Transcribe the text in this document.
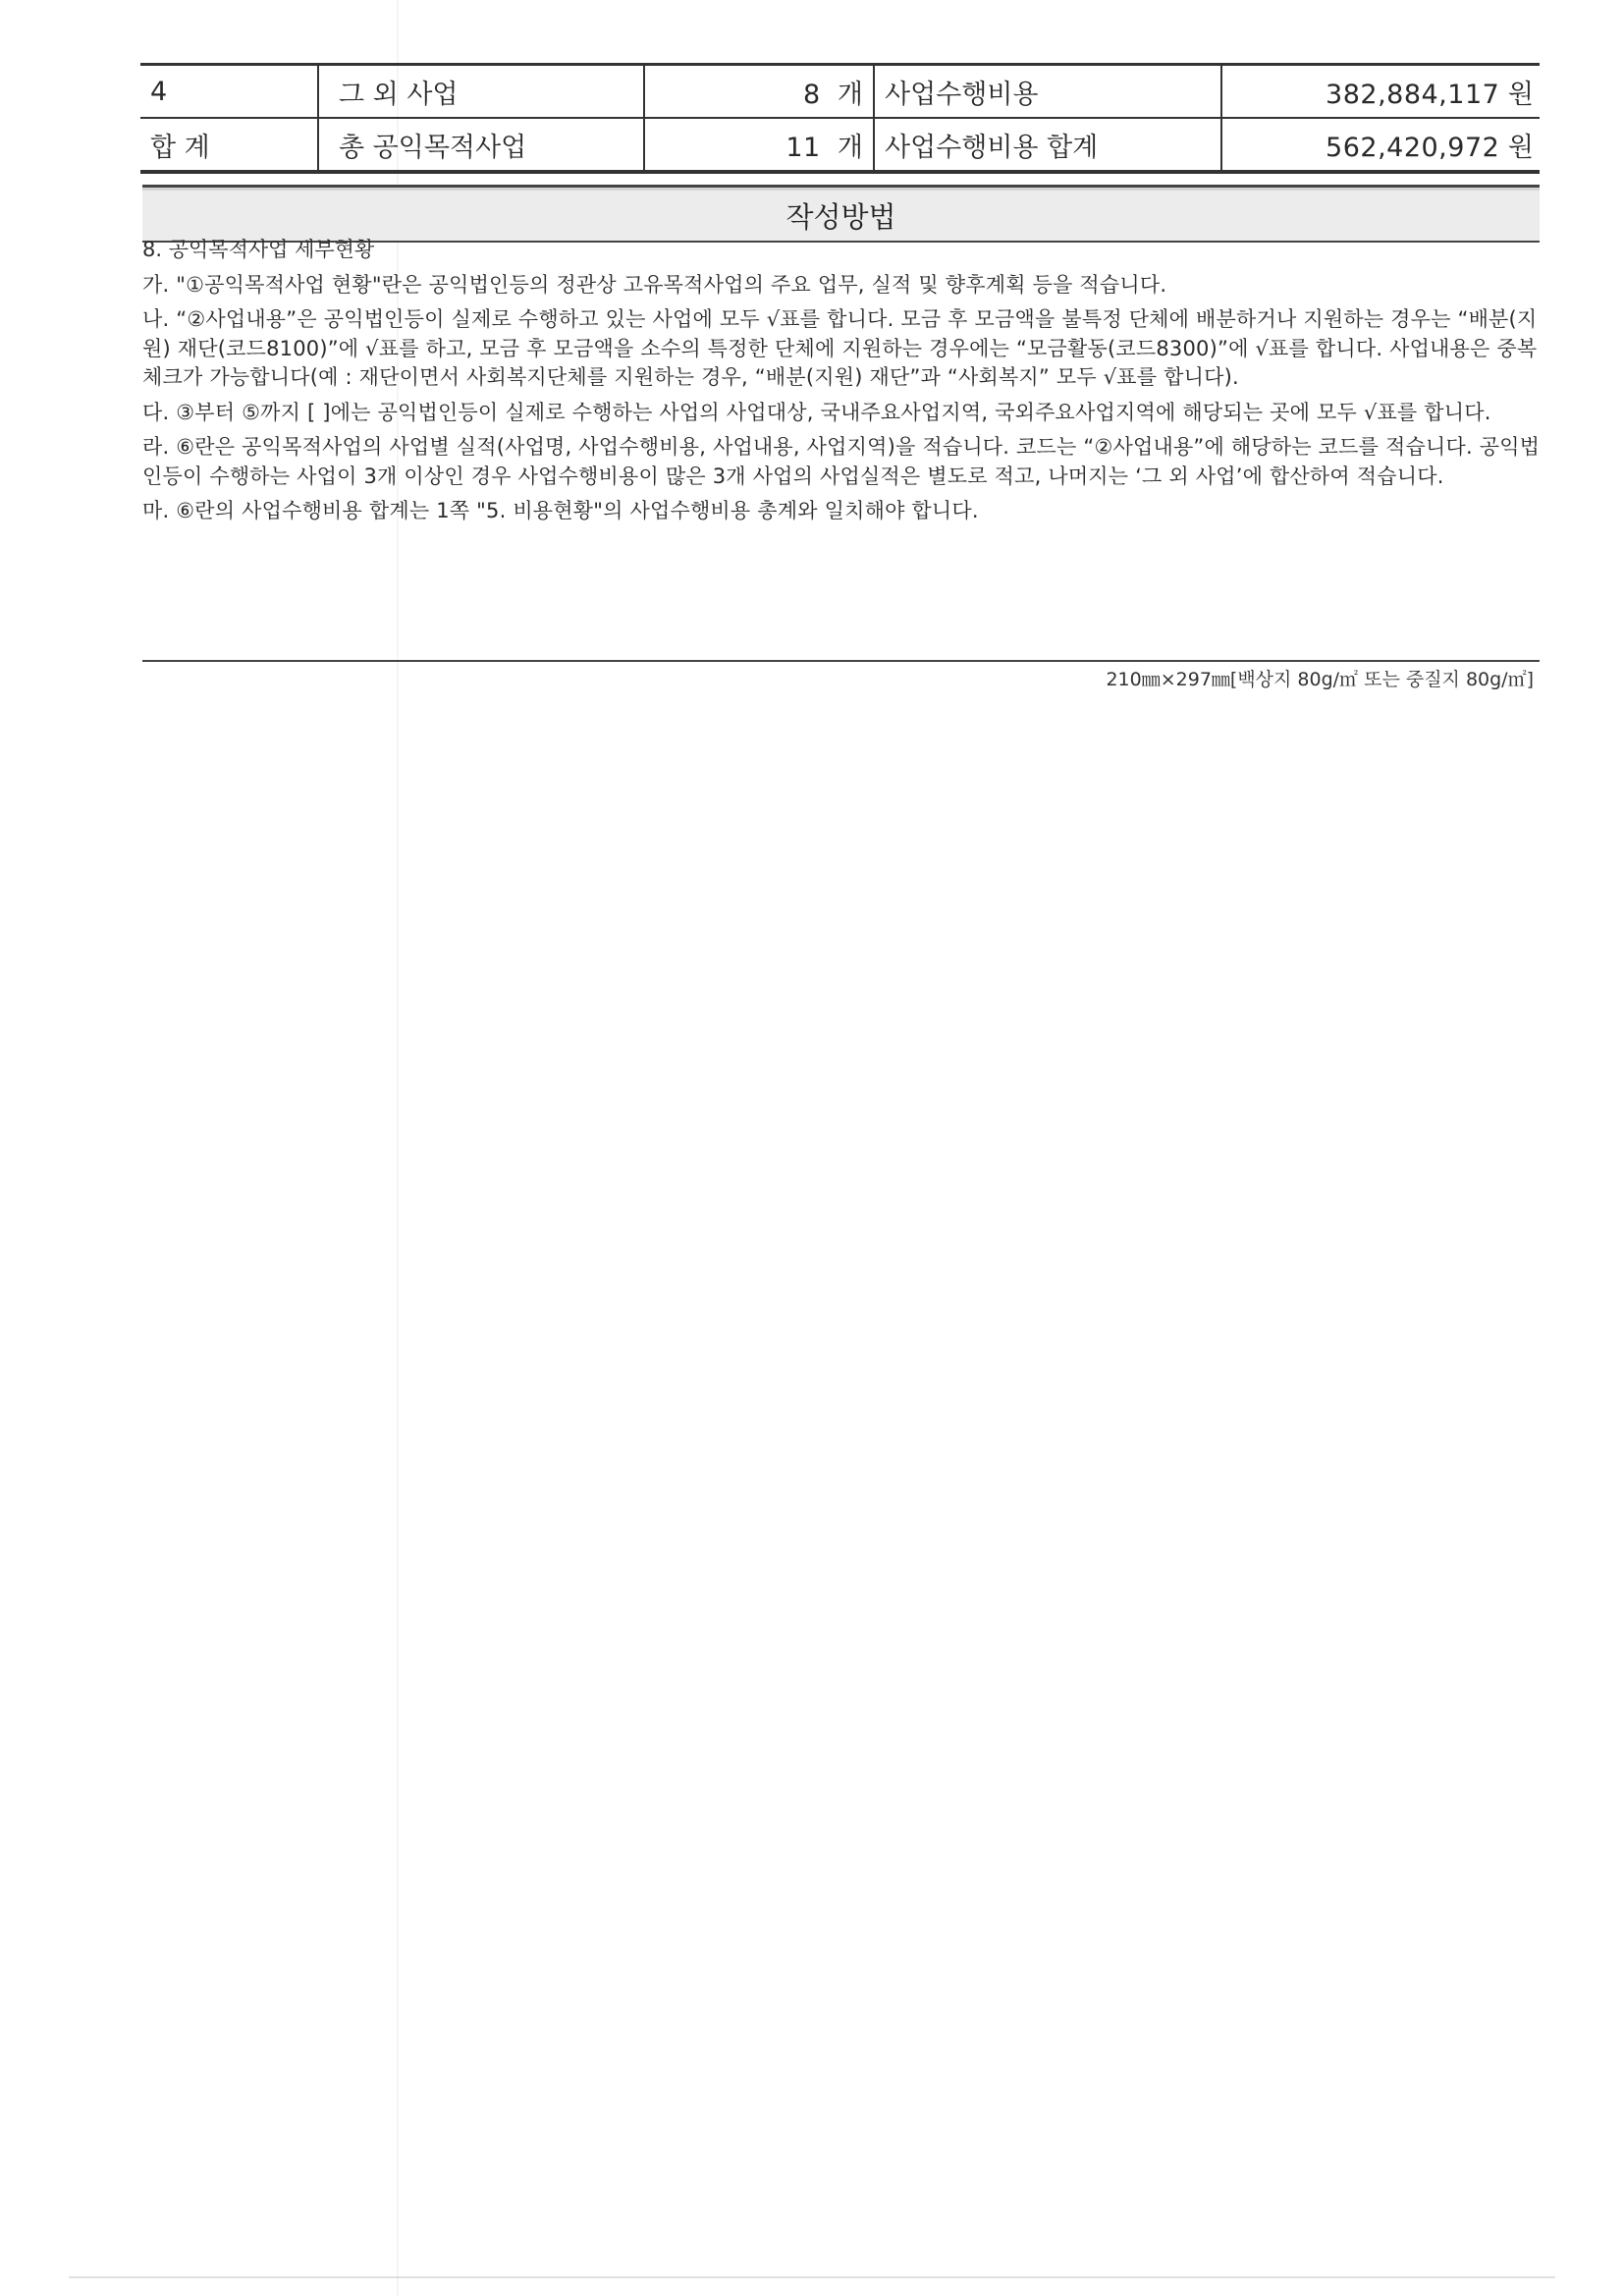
4	그 외 사업	8 개	사업수행비용	382,884,117 원
합 계	총 공익목적사업	11 개	사업수행비용 합계	562,420,972 원
작성방법

8. 공익목적사업 세부현황

가. "①공익목적사업 현황"란은 공익법인등의 정관상 고유목적사업의 주요 업무, 실적 및 향후계획 등을 적습니다.

나. “②사업내용”은 공익법인등이 실제로 수행하고 있는 사업에 모두 √표를 합니다. 모금 후 모금액을 불특정 단체에 배분하거나 지원하는 경우는 “배분(지원) 재단(코드8100)”에 √표를 하고, 모금 후 모금액을 소수의 특정한 단체에 지원하는 경우에는 “모금활동(코드8300)”에 √표를 합니다. 사업내용은 중복체크가 가능합니다(예 : 재단이면서 사회복지단체를 지원하는 경우, “배분(지원) 재단”과 “사회복지” 모두 √표를 합니다).

다. ③부터 ⑤까지 [ ]에는 공익법인등이 실제로 수행하는 사업의 사업대상, 국내주요사업지역, 국외주요사업지역에 해당되는 곳에 모두 √표를 합니다.

라. ⑥란은 공익목적사업의 사업별 실적(사업명, 사업수행비용, 사업내용, 사업지역)을 적습니다. 코드는 “②사업내용”에 해당하는 코드를 적습니다. 공익법인등이 수행하는 사업이 3개 이상인 경우 사업수행비용이 많은 3개 사업의 사업실적은 별도로 적고, 나머지는 ‘그 외 사업’에 합산하여 적습니다.

마. ⑥란의 사업수행비용 합계는 1쪽 "5. 비용현황"의 사업수행비용 총계와 일치해야 합니다.

210㎜×297㎜[백상지 80g/㎡ 또는 중질지 80g/㎡]
